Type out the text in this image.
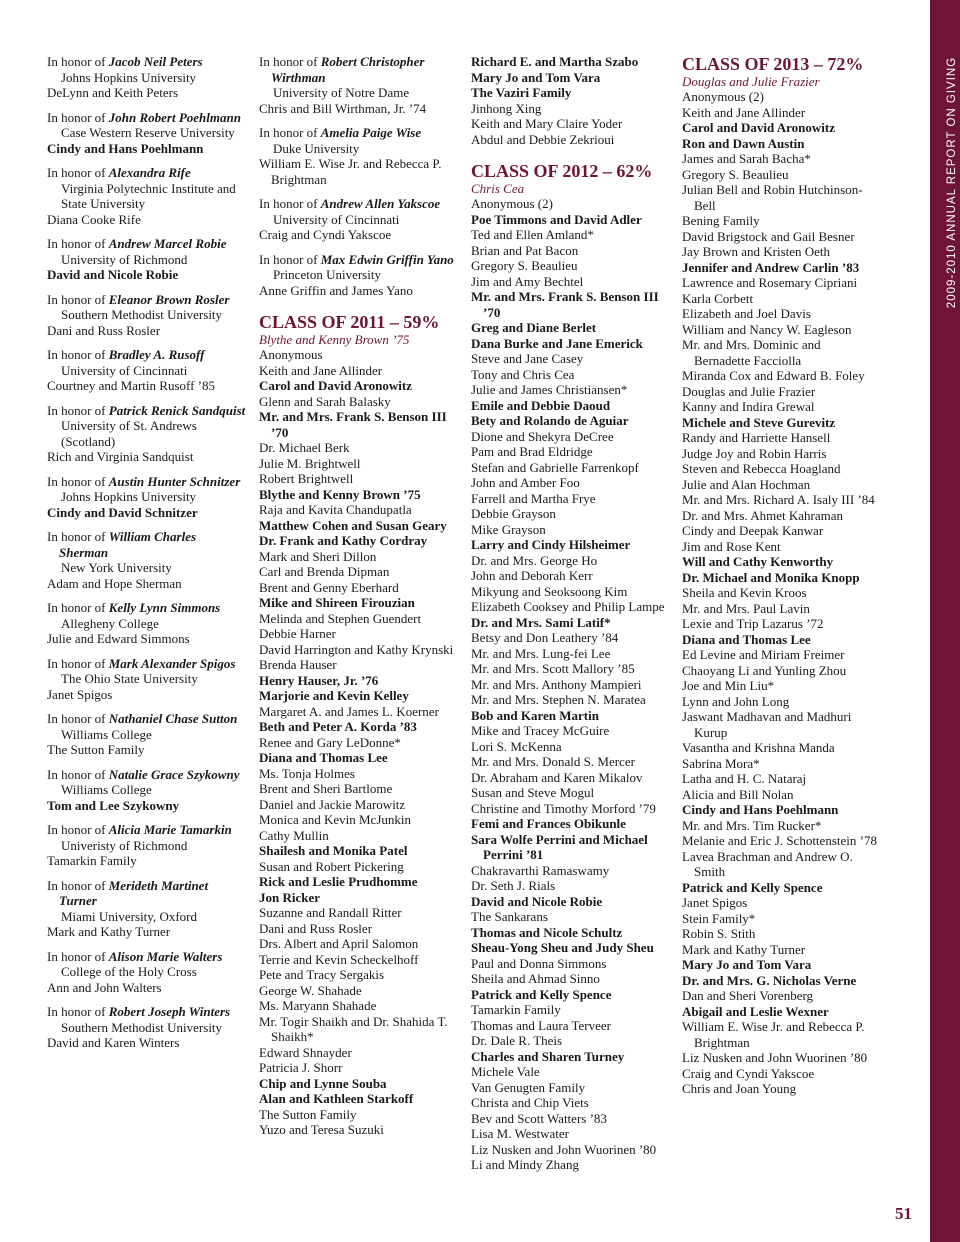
2009-2010 ANNUAL REPORT ON GIVING
In honor of Jacob Neil Peters
Johns Hopkins University
DeLynn and Keith Peters
In honor of John Robert Poehlmann
Case Western Reserve University
Cindy and Hans Poehlmann
In honor of Alexandra Rife
Virginia Polytechnic Institute and State University
Diana Cooke Rife
In honor of Andrew Marcel Robie
University of Richmond
David and Nicole Robie
In honor of Eleanor Brown Rosler
Southern Methodist University
Dani and Russ Rosler
In honor of Bradley A. Rusoff
University of Cincinnati
Courtney and Martin Rusoff ’85
In honor of Patrick Renick Sandquist
University of St. Andrews (Scotland)
Rich and Virginia Sandquist
In honor of Austin Hunter Schnitzer
Johns Hopkins University
Cindy and David Schnitzer
In honor of William Charles Sherman
New York University
Adam and Hope Sherman
In honor of Kelly Lynn Simmons
Allegheny College
Julie and Edward Simmons
In honor of Mark Alexander Spigos
The Ohio State University
Janet Spigos
In honor of Nathaniel Chase Sutton
Williams College
The Sutton Family
In honor of Natalie Grace Szykowny
Williams College
Tom and Lee Szykowny
In honor of Alicia Marie Tamarkin
Univeristy of Richmond
Tamarkin Family
In honor of Merideth Martinet Turner
Miami University, Oxford
Mark and Kathy Turner
In honor of Alison Marie Walters
College of the Holy Cross
Ann and John Walters
In honor of Robert Joseph Winters
Southern Methodist University
David and Karen Winters
In honor of Robert Christopher Wirthman
University of Notre Dame
Chris and Bill Wirthman, Jr. ’74
In honor of Amelia Paige Wise
Duke University
William E. Wise Jr. and Rebecca P. Brightman
In honor of Andrew Allen Yakscoe
University of Cincinnati
Craig and Cyndi Yakscoe
In honor of Max Edwin Griffin Yano
Princeton University
Anne Griffin and James Yano
CLASS OF 2011 – 59%
Blythe and Kenny Brown ’75
Anonymous
Keith and Jane Allinder
Carol and David Aronowitz
Glenn and Sarah Balasky
Mr. and Mrs. Frank S. Benson III ’70
Dr. Michael Berk
Julie M. Brightwell
Robert Brightwell
Blythe and Kenny Brown ’75
Raja and Kavita Chandupatla
Matthew Cohen and Susan Geary
Dr. Frank and Kathy Cordray
Mark and Sheri Dillon
Carl and Brenda Dipman
Brent and Genny Eberhard
Mike and Shireen Firouzian
Melinda and Stephen Guendert
Debbie Harner
David Harrington and Kathy Krynski
Brenda Hauser
Henry Hauser, Jr. ’76
Marjorie and Kevin Kelley
Margaret A. and James L. Koerner
Beth and Peter A. Korda ’83
Renee and Gary LeDonne*
Diana and Thomas Lee
Ms. Tonja Holmes
Brent and Sheri Bartlome
Daniel and Jackie Marowitz
Monica and Kevin McJunkin
Cathy Mullin
Shailesh and Monika Patel
Susan and Robert Pickering
Rick and Leslie Prudhomme
Jon Ricker
Suzanne and Randall Ritter
Dani and Russ Rosler
Drs. Albert and April Salomon
Terrie and Kevin Scheckelhoff
Pete and Tracy Sergakis
George W. Shahade
Ms. Maryann Shahade
Mr. Togir Shaikh and Dr. Shahida T. Shaikh*
Edward Shnayder
Patricia J. Shorr
Chip and Lynne Souba
Alan and Kathleen Starkoff
The Sutton Family
Yuzo and Teresa Suzuki
Richard E. and Martha Szabo
Mary Jo and Tom Vara
The Vaziri Family
Jinhong Xing
Keith and Mary Claire Yoder
Abdul and Debbie Zekrioui
CLASS OF 2012 – 62%
Chris Cea
Anonymous (2)
Poe Timmons and David Adler
Ted and Ellen Amland*
Brian and Pat Bacon
Gregory S. Beaulieu
Jim and Amy Bechtel
Mr. and Mrs. Frank S. Benson III ’70
Greg and Diane Berlet
Dana Burke and Jane Emerick
Steve and Jane Casey
Tony and Chris Cea
Julie and James Christiansen*
Emile and Debbie Daoud
Bety and Rolando de Aguiar
Dione and Shekyra DeCree
Pam and Brad Eldridge
Stefan and Gabrielle Farrenkopf
John and Amber Foo
Farrell and Martha Frye
Debbie Grayson
Mike Grayson
Larry and Cindy Hilsheimer
Dr. and Mrs. George Ho
John and Deborah Kerr
Mikyung and Seoksoong Kim
Elizabeth Cooksey and Philip Lampe
Dr. and Mrs. Sami Latif*
Betsy and Don Leathery ’84
Mr. and Mrs. Lung-fei Lee
Mr. and Mrs. Scott Mallory ’85
Mr. and Mrs. Anthony Mampieri
Mr. and Mrs. Stephen N. Maratea
Bob and Karen Martin
Mike and Tracey McGuire
Lori S. McKenna
Mr. and Mrs. Donald S. Mercer
Dr. Abraham and Karen Mikalov
Susan and Steve Mogul
Christine and Timothy Morford ’79
Femi and Frances Obikunle
Sara Wolfe Perrini and Michael Perrini ’81
Chakravarthi Ramaswamy
Dr. Seth J. Rials
David and Nicole Robie
The Sankarans
Thomas and Nicole Schultz
Sheau-Yong Sheu and Judy Sheu
Paul and Donna Simmons
Sheila and Ahmad Sinno
Patrick and Kelly Spence
Tamarkin Family
Thomas and Laura Terveer
Dr. Dale R. Theis
Charles and Sharen Turney
Michele Vale
Van Genugten Family
Christa and Chip Viets
Bev and Scott Watters ’83
Lisa M. Westwater
Liz Nusken and John Wuorinen ’80
Li and Mindy Zhang
CLASS OF 2013 – 72%
Douglas and Julie Frazier
Anonymous (2)
Keith and Jane Allinder
Carol and David Aronowitz
Ron and Dawn Austin
James and Sarah Bacha*
Gregory S. Beaulieu
Julian Bell and Robin Hutchinson-Bell
Bening Family
David Brigstock and Gail Besner
Jay Brown and Kristen Oeth
Jennifer and Andrew Carlin ’83
Lawrence and Rosemary Cipriani
Karla Corbett
Elizabeth and Joel Davis
William and Nancy W. Eagleson
Mr. and Mrs. Dominic and Bernadette Facciolla
Miranda Cox and Edward B. Foley
Douglas and Julie Frazier
Kanny and Indira Grewal
Michele and Steve Gurevitz
Randy and Harriette Hansell
Judge Joy and Robin Harris
Steven and Rebecca Hoagland
Julie and Alan Hochman
Mr. and Mrs. Richard A. Isaly III ’84
Dr. and Mrs. Ahmet Kahraman
Cindy and Deepak Kanwar
Jim and Rose Kent
Will and Cathy Kenworthy
Dr. Michael and Monika Knopp
Sheila and Kevin Kroos
Mr. and Mrs. Paul Lavin
Lexie and Trip Lazarus ’72
Diana and Thomas Lee
Ed Levine and Miriam Freimer
Chaoyang Li and Yunling Zhou
Joe and Min Liu*
Lynn and John Long
Jaswant Madhavan and Madhuri Kurup
Vasantha and Krishna Manda
Sabrina Mora*
Latha and H. C. Nataraj
Alicia and Bill Nolan
Cindy and Hans Poehlmann
Mr. and Mrs. Tim Rucker*
Melanie and Eric J. Schottenstein ’78
Lavea Brachman and Andrew O. Smith
Patrick and Kelly Spence
Janet Spigos
Stein Family*
Robin S. Stith
Mark and Kathy Turner
Mary Jo and Tom Vara
Dr. and Mrs. G. Nicholas Verne
Dan and Sheri Vorenberg
Abigail and Leslie Wexner
William E. Wise Jr. and Rebecca P. Brightman
Liz Nusken and John Wuorinen ’80
Craig and Cyndi Yakscoe
Chris and Joan Young
51
